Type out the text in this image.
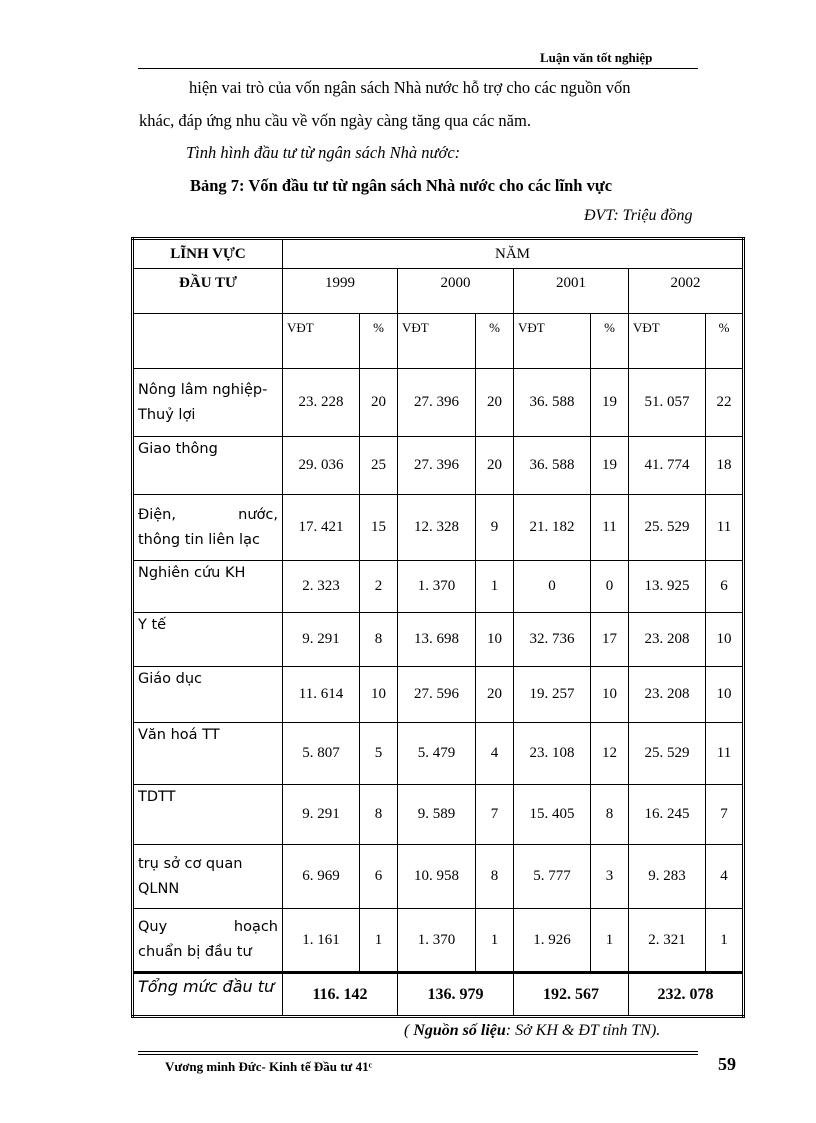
Luận văn tốt nghiệp
hiện vai trò của vốn ngân sách Nhà nước hỗ trợ cho các nguồn vốn
khác, đáp ứng nhu cầu về vốn ngày càng tăng qua các năm.
Tình hình đầu tư từ ngân sách Nhà nước:
Bảng 7: Vốn đầu tư từ ngân sách Nhà nước cho các lĩnh vực
ĐVT: Triệu đồng
LĨNH VỰC	NĂM							
ĐẦU TƯ	1999		2000		2001		2002	
	VĐT	%	VĐT	%	VĐT	%	VĐT	%

Nông lâm nghiệp-
Thuỷ lợi	23. 228	20	27. 396	20	36. 588	19	51. 057	22

Giao thông	29. 036	25	27. 396	20	36. 588	19	41. 774	18

Điện, nước,
thông tin liên lạc	17. 421	15	12. 328	9	21. 182	11	25. 529	11

Nghiên cứu KH	2. 323	2	1. 370	1	0	0	13. 925	6

Y tế	9. 291	8	13. 698	10	32. 736	17	23. 208	10

Giáo dục	11. 614	10	27. 596	20	19. 257	10	23. 208	10

Văn hoá TT	5. 807	5	5. 479	4	23. 108	12	25. 529	11

TDTT	9. 291	8	9. 589	7	15. 405	8	16. 245	7

trụ sở cơ quan
QLNN	6. 969	6	10. 958	8	5. 777	3	9. 283	4

Quy hoạch
chuẩn bị đầu tư	1. 161	1	1. 370	1	1. 926	1	2. 321	1
Tổng mức đầu tư	116. 142		136. 979		192. 567		232. 078	
( Nguồn số liệu: Sở KH & ĐT tỉnh TN).
Vương minh Đức- Kinh tế Đầu tư 41ᶜ	59
